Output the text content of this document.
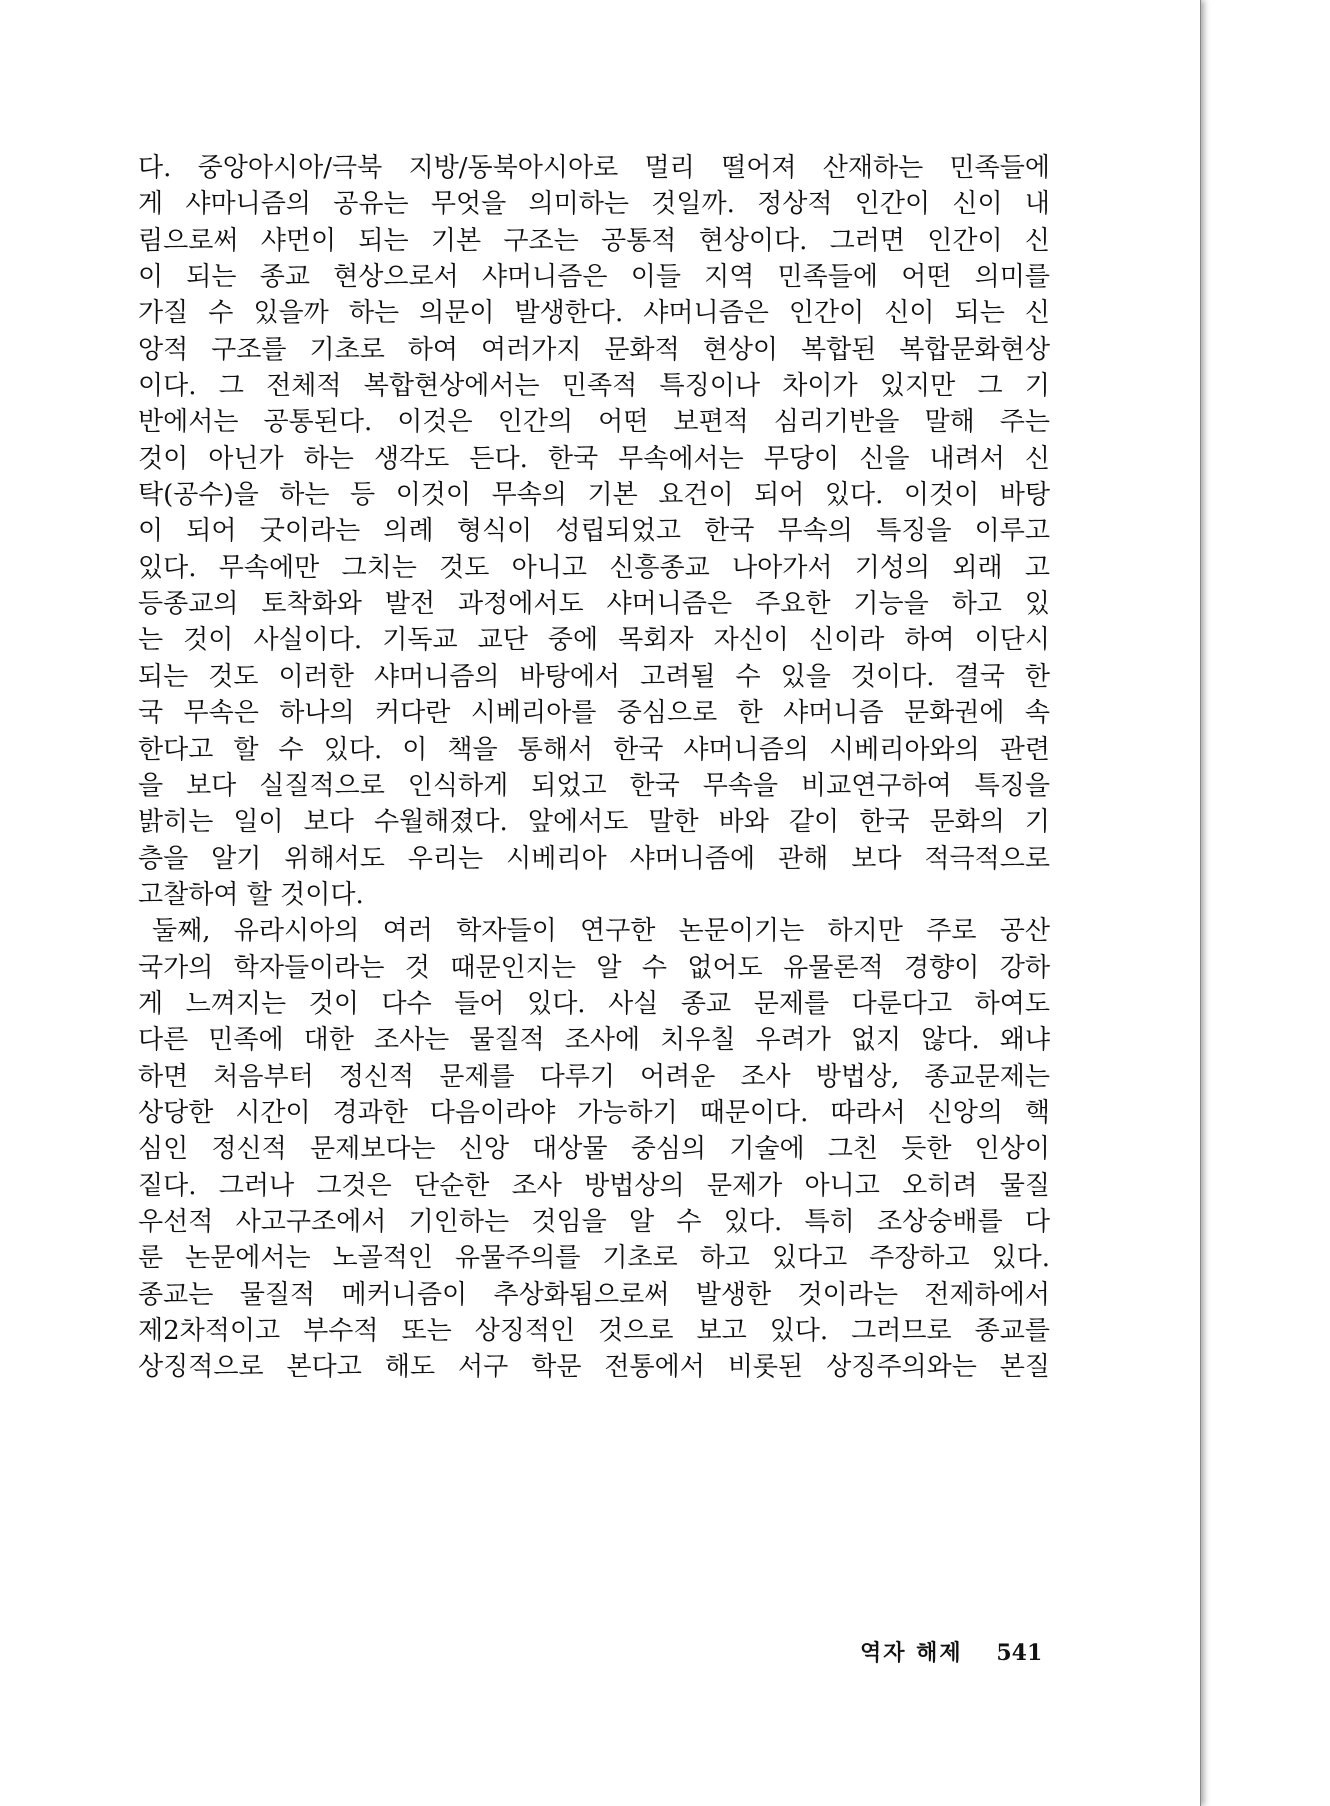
다. 중앙아시아/극북 지방/동북아시아로 멀리 떨어져 산재하는 민족들에
게 샤마니즘의 공유는 무엇을 의미하는 것일까. 정상적 인간이 신이 내
림으로써 샤먼이 되는 기본 구조는 공통적 현상이다. 그러면 인간이 신
이 되는 종교 현상으로서 샤머니즘은 이들 지역 민족들에 어떤 의미를
가질 수 있을까 하는 의문이 발생한다. 샤머니즘은 인간이 신이 되는 신
앙적 구조를 기초로 하여 여러가지 문화적 현상이 복합된 복합문화현상
이다. 그 전체적 복합현상에서는 민족적 특징이나 차이가 있지만 그 기
반에서는 공통된다. 이것은 인간의 어떤 보편적 심리기반을 말해 주는
것이 아닌가 하는 생각도 든다. 한국 무속에서는 무당이 신을 내려서 신
탁(공수)을 하는 등 이것이 무속의 기본 요건이 되어 있다. 이것이 바탕
이 되어 굿이라는 의례 형식이 성립되었고 한국 무속의 특징을 이루고
있다. 무속에만 그치는 것도 아니고 신흥종교 나아가서 기성의 외래 고
등종교의 토착화와 발전 과정에서도 샤머니즘은 주요한 기능을 하고 있
는 것이 사실이다. 기독교 교단 중에 목회자 자신이 신이라 하여 이단시
되는 것도 이러한 샤머니즘의 바탕에서 고려될 수 있을 것이다. 결국 한
국 무속은 하나의 커다란 시베리아를 중심으로 한 샤머니즘 문화권에 속
한다고 할 수 있다. 이 책을 통해서 한국 샤머니즘의 시베리아와의 관련
을 보다 실질적으로 인식하게 되었고 한국 무속을 비교연구하여 특징을
밝히는 일이 보다 수월해졌다. 앞에서도 말한 바와 같이 한국 문화의 기
층을 알기 위해서도 우리는 시베리아 샤머니즘에 관해 보다 적극적으로
고찰하여 할 것이다.
둘째, 유라시아의 여러 학자들이 연구한 논문이기는 하지만 주로 공산
국가의 학자들이라는 것 때문인지는 알 수 없어도 유물론적 경향이 강하
게 느껴지는 것이 다수 들어 있다. 사실 종교 문제를 다룬다고 하여도
다른 민족에 대한 조사는 물질적 조사에 치우칠 우려가 없지 않다. 왜냐
하면 처음부터 정신적 문제를 다루기 어려운 조사 방법상, 종교문제는
상당한 시간이 경과한 다음이라야 가능하기 때문이다. 따라서 신앙의 핵
심인 정신적 문제보다는 신앙 대상물 중심의 기술에 그친 듯한 인상이
짙다. 그러나 그것은 단순한 조사 방법상의 문제가 아니고 오히려 물질
우선적 사고구조에서 기인하는 것임을 알 수 있다. 특히 조상숭배를 다
룬 논문에서는 노골적인 유물주의를 기초로 하고 있다고 주장하고 있다.
종교는 물질적 메커니즘이 추상화됨으로써 발생한 것이라는 전제하에서
제2차적이고 부수적 또는 상징적인 것으로 보고 있다. 그러므로 종교를
상징적으로 본다고 해도 서구 학문 전통에서 비롯된 상징주의와는 본질
역자 해제 541
